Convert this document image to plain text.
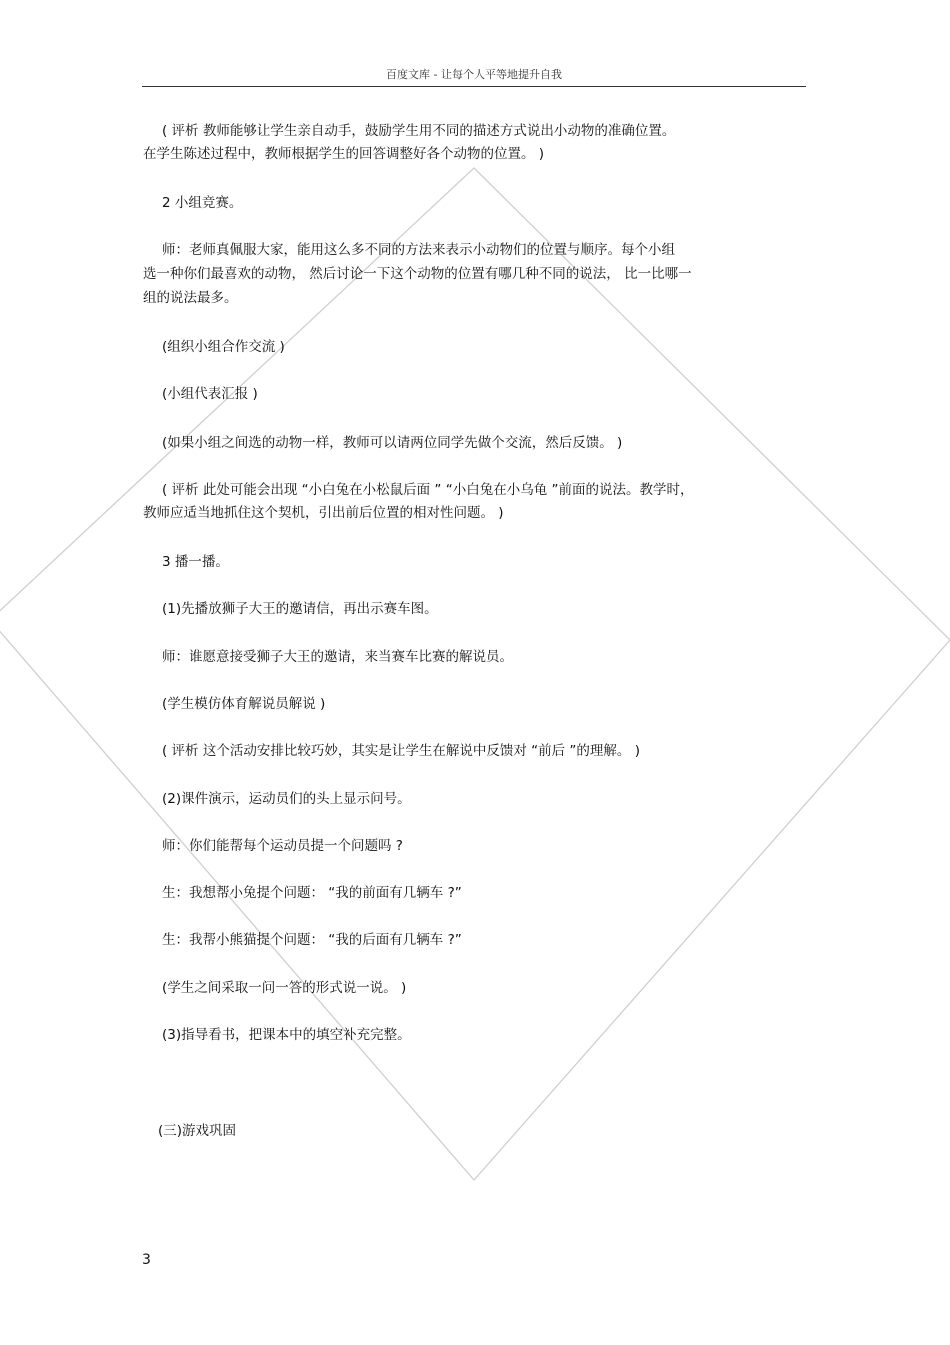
百度文库 - 让每个人平等地提升自我
( 评析 教师能够让学生亲自动手，鼓励学生用不同的描述方式说出小动物的准确位置。
在学生陈述过程中，教师根据学生的回答调整好各个动物的位置。 )
2 小组竞赛。
师：老师真佩服大家，能用这么多不同的方法来表示小动物们的位置与顺序。每个小组
选一种你们最喜欢的动物， 然后讨论一下这个动物的位置有哪几种不同的说法， 比一比哪一
组的说法最多。
(组织小组合作交流 )
(小组代表汇报 )
(如果小组之间选的动物一样，教师可以请两位同学先做个交流，然后反馈。 )
( 评析 此处可能会出现 “小白兔在小松鼠后面 ” “小白兔在小乌龟 ”前面的说法。教学时，
教师应适当地抓住这个契机，引出前后位置的相对性问题。 )
3 播一播。
(1)先播放狮子大王的邀请信，再出示赛车图。
师：谁愿意接受狮子大王的邀请，来当赛车比赛的解说员。
(学生模仿体育解说员解说 )
( 评析 这个活动安排比较巧妙，其实是让学生在解说中反馈对 “前后 ”的理解。 )
(2)课件演示，运动员们的头上显示问号。
师：你们能帮每个运动员提一个问题吗 ?
生：我想帮小兔提个问题： “我的前面有几辆车 ?”
生：我帮小熊猫提个问题： “我的后面有几辆车 ?”
(学生之间采取一问一答的形式说一说。 )
(3)指导看书，把课本中的填空补充完整。
(三)游戏巩固
3
